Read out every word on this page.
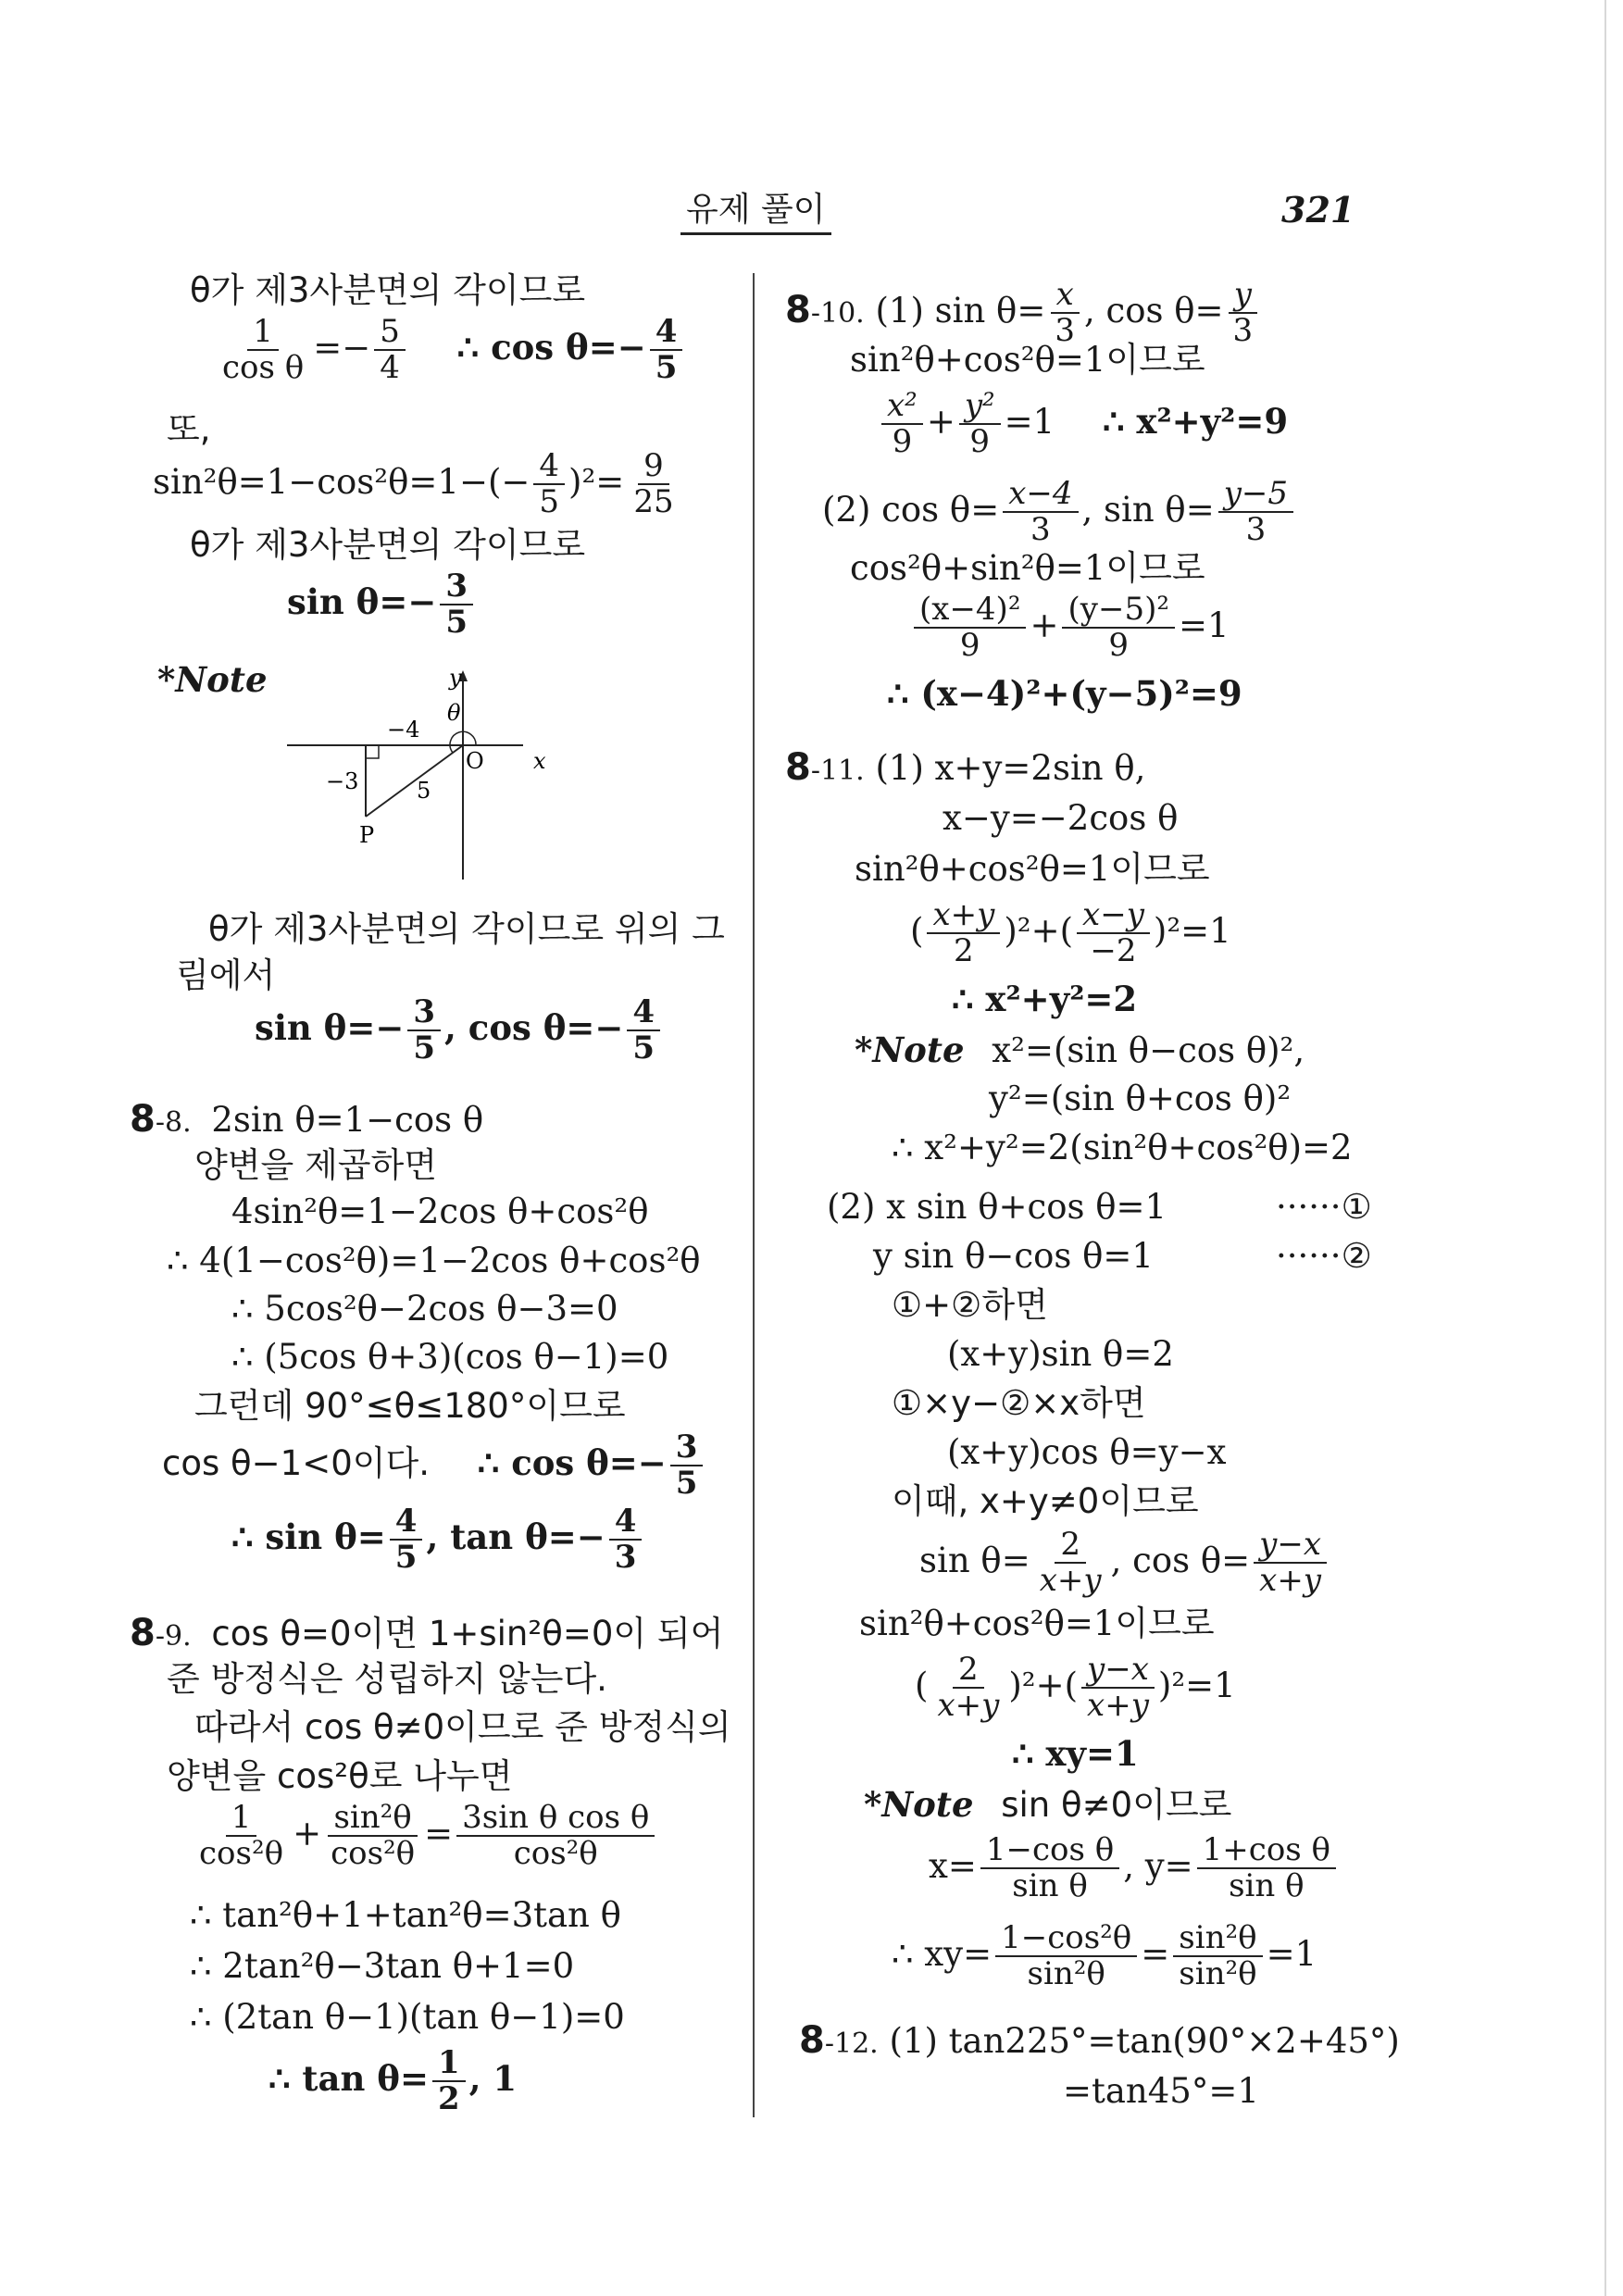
유제 풀이	321
θ가 제3사분면의 각이므로
$\frac{1}{\text{cos θ}} =- \frac{5}{4}$ ∴ $\cos \theta=- \frac{4}{5}$
또,
$\sin^2\theta=1-\cos^2\theta=1-(- \frac{4}{5} )^2= \frac{9}{25}$
θ가 제3사분면의 각이므로
$\sin \theta=- \frac{3}{5}$
*Note	y
x
θ
O
P
−4
−3	5
θ가 제3사분면의 각이므로 위의 그
림에서
$\sin \theta=- \frac{3}{5}$ , $\cos \theta=- \frac{4}{5}$
8-8. 2sin θ=1−cos θ
양변을 제곱하면
4sin²θ=1−2cos θ+cos²θ
∴ 4(1−cos²θ)=1−2cos θ+cos²θ
∴ 5cos²θ−2cos θ−3=0
∴ (5cos θ+3)(cos θ−1)=0
그런데 90°≤θ≤180°이므로
cos θ−1<0이다. ∴ $\cos \theta=- \frac{3}{5}$
∴ $\sin \theta= \frac{4}{5}$ , $\tan \theta=- \frac{4}{3}$
8-9. cos θ=0이면 1+sin²θ=0이 되어
준 방정식은 성립하지 않는다.
따라서 cos θ≠0이므로 준 방정식의
양변을 cos²θ로 나누면
$\frac{1}{\text{cos²θ}} + \frac{\text{sin²θ}}{\text{cos²θ}} = \frac{\text{3sin θ cos θ}}{\text{cos²θ}}$
∴ tan²θ+1+tan²θ=3tan θ
∴ 2tan²θ−3tan θ+1=0
∴ (2tan θ−1)(tan θ−1)=0
∴ $\tan \theta= \frac{1}{2}$ , 1
8-10. (1) $\sin \theta= \frac{x}{3}$ , $\cos \theta= \frac{y}{3}$
sin²θ+cos²θ=1이므로
$\frac{\text{x²}}{9} + \frac{\text{y²}}{9} =1$ ∴ x²+y²=9
(2) $\cos \theta= \frac{x-4}{3}$ , $\sin \theta= \frac{y-5}{3}$
cos²θ+sin²θ=1이므로
$\frac{\text{(x−4)²}}{9} + \frac{\text{(y−5)²}}{9} =1$
∴ (x−4)²+(y−5)²=9
8-11. (1) x+y=2sin θ,
x−y=−2cos θ
sin²θ+cos²θ=1이므로
( $\frac{x+y}{2} )^2+( \frac{x-y}{-2} )^2=1$
∴ x²+y²=2
*Note x²=(sin θ−cos θ)²,
y²=(sin θ+cos θ)²
∴ x²+y²=2(sin²θ+cos²θ)=2
(2) x sin θ+cos θ=1	······①
y sin θ−cos θ=1	······②
①+②하면
(x+y)sin θ=2
①×y−②×x하면
(x+y)cos θ=y−x
이때, x+y≠0이므로
$\sin \theta= \frac{2}{x+y}$ , $\cos \theta= \frac{y-x}{x+y}$
sin²θ+cos²θ=1이므로
( $\frac{2}{x+y} )^2+( \frac{y-x}{x+y} )^2=1$
∴ xy=1
*Note sin θ≠0이므로
$x= \frac{\text{1−cos θ}}{\text{sin θ}}$ , $y= \frac{\text{1+cos θ}}{\text{sin θ}}$
∴ $xy= \frac{\text{1−cos²θ}}{\text{sin²θ}} = \frac{\text{sin²θ}}{\text{sin²θ}} =1$
8-12. (1) tan225°=tan(90°×2+45°)
=tan45°=1
